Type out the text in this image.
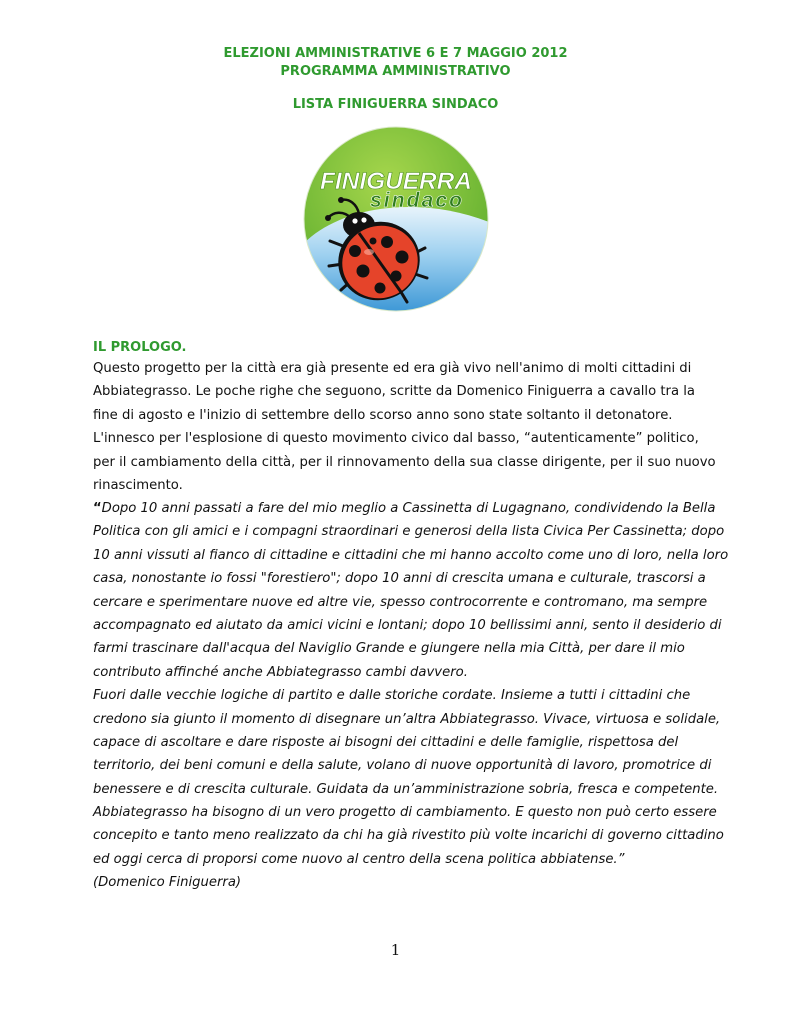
ELEZIONI AMMINISTRATIVE 6 E 7 MAGGIO 2012
PROGRAMMA AMMINISTRATIVO
LISTA FINIGUERRA SINDACO
FINIGUERRA
sindaco
IL PROLOGO.
Questo progetto per la città era già presente ed era già vivo nell'animo di molti cittadini di
Abbiategrasso. Le poche righe che seguono, scritte da Domenico Finiguerra a cavallo tra la
fine di agosto e l'inizio di settembre dello scorso anno sono state soltanto il detonatore.
L'innesco per l'esplosione di questo movimento civico dal basso, “autenticamente” politico,
per il cambiamento della città, per il rinnovamento della sua classe dirigente, per il suo nuovo
rinascimento.
“Dopo 10 anni passati a fare del mio meglio a Cassinetta di Lugagnano, condividendo la Bella
Politica con gli amici e i compagni straordinari e generosi della lista Civica Per Cassinetta; dopo
10 anni vissuti al fianco di cittadine e cittadini che mi hanno accolto come uno di loro, nella loro
casa, nonostante io fossi "forestiero"; dopo 10 anni di crescita umana e culturale, trascorsi a
cercare e sperimentare nuove ed altre vie, spesso controcorrente e contromano, ma sempre
accompagnato ed aiutato da amici vicini e lontani; dopo 10 bellissimi anni, sento il desiderio di
farmi trascinare dall'acqua del Naviglio Grande e giungere nella mia Città, per dare il mio
contributo affinché anche Abbiategrasso cambi davvero.
Fuori dalle vecchie logiche di partito e dalle storiche cordate. Insieme a tutti i cittadini che
credono sia giunto il momento di disegnare un’altra Abbiategrasso. Vivace, virtuosa e solidale,
capace di ascoltare e dare risposte ai bisogni dei cittadini e delle famiglie, rispettosa del
territorio, dei beni comuni e della salute, volano di nuove opportunità di lavoro, promotrice di
benessere e di crescita culturale. Guidata da un’amministrazione sobria, fresca e competente.
Abbiategrasso ha bisogno di un vero progetto di cambiamento. E questo non può certo essere
concepito e tanto meno realizzato da chi ha già rivestito più volte incarichi di governo cittadino
ed oggi cerca di proporsi come nuovo al centro della scena politica abbiatense.”
(Domenico Finiguerra)
1
